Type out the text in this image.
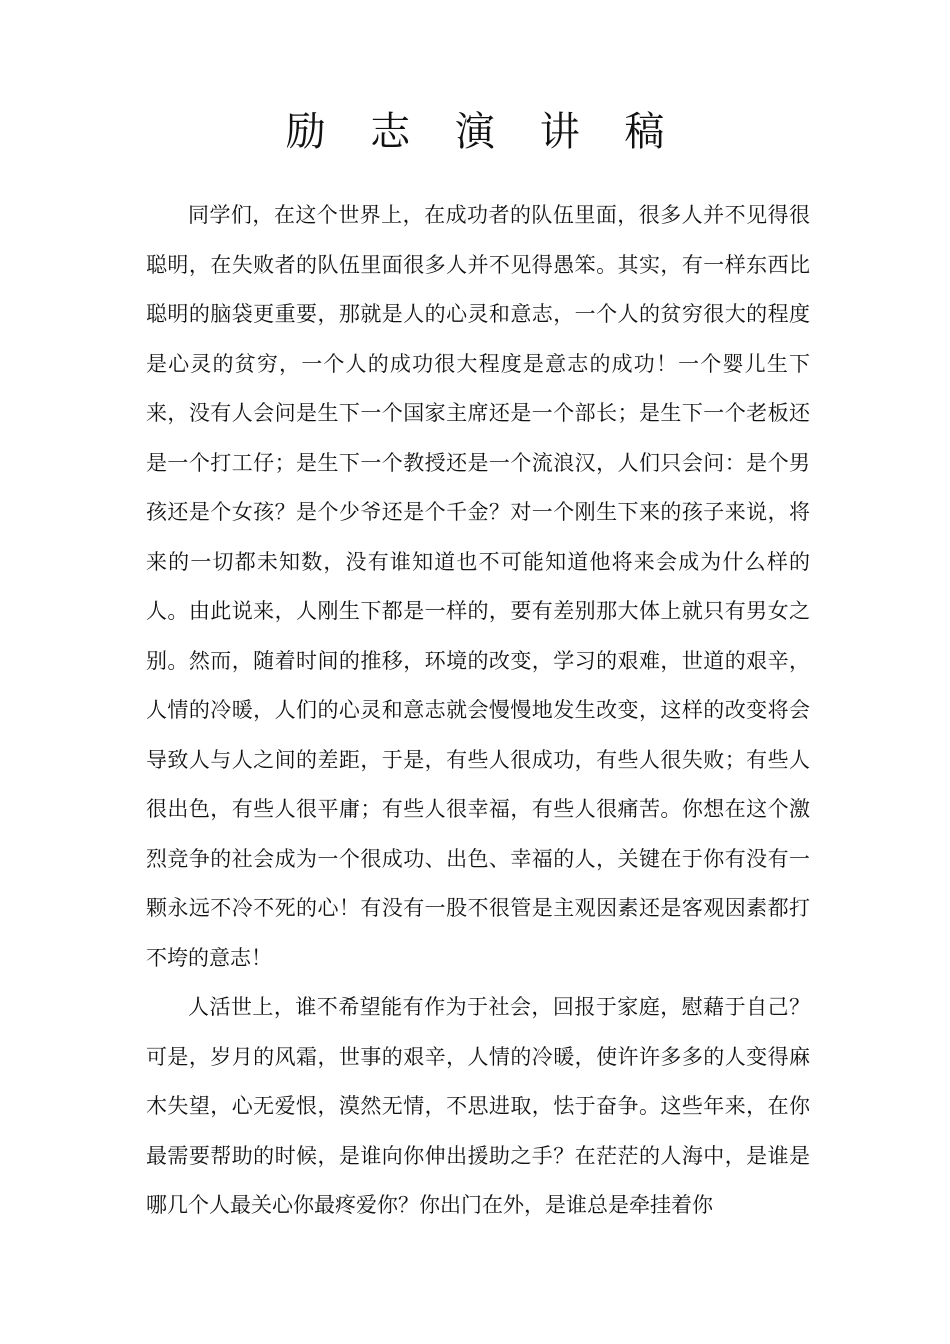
励 志 演 讲 稿

同学们，在这个世界上，在成功者的队伍里面，很多人并不见得很聪明，在失败者的队伍里面很多人并不见得愚笨。其实，有一样东西比聪明的脑袋更重要，那就是人的心灵和意志，一个人的贫穷很大的程度是心灵的贫穷，一个人的成功很大程度是意志的成功！一个婴儿生下来，没有人会问是生下一个国家主席还是一个部长；是生下一个老板还是一个打工仔；是生下一个教授还是一个流浪汉，人们只会问：是个男孩还是个女孩？是个少爷还是个千金？对一个刚生下来的孩子来说，将来的一切都未知数，没有谁知道也不可能知道他将来会成为什么样的人。由此说来，人刚生下都是一样的，要有差别那大体上就只有男女之别。然而，随着时间的推移，环境的改变，学习的艰难，世道的艰辛，人情的冷暖，人们的心灵和意志就会慢慢地发生改变，这样的改变将会导致人与人之间的差距，于是，有些人很成功，有些人很失败；有些人很出色，有些人很平庸；有些人很幸福，有些人很痛苦。你想在这个激烈竞争的社会成为一个很成功、出色、幸福的人，关键在于你有没有一颗永远不冷不死的心！有没有一股不很管是主观因素还是客观因素都打不垮的意志！

人活世上，谁不希望能有作为于社会，回报于家庭，慰藉于自己？可是，岁月的风霜，世事的艰辛，人情的冷暖，使许许多多的人变得麻木失望，心无爱恨，漠然无情，不思进取，怯于奋争。这些年来，在你最需要帮助的时候，是谁向你伸出援助之手？在茫茫的人海中，是谁是哪几个人最关心你最疼爱你？你出门在外，是谁总是牵挂着你
